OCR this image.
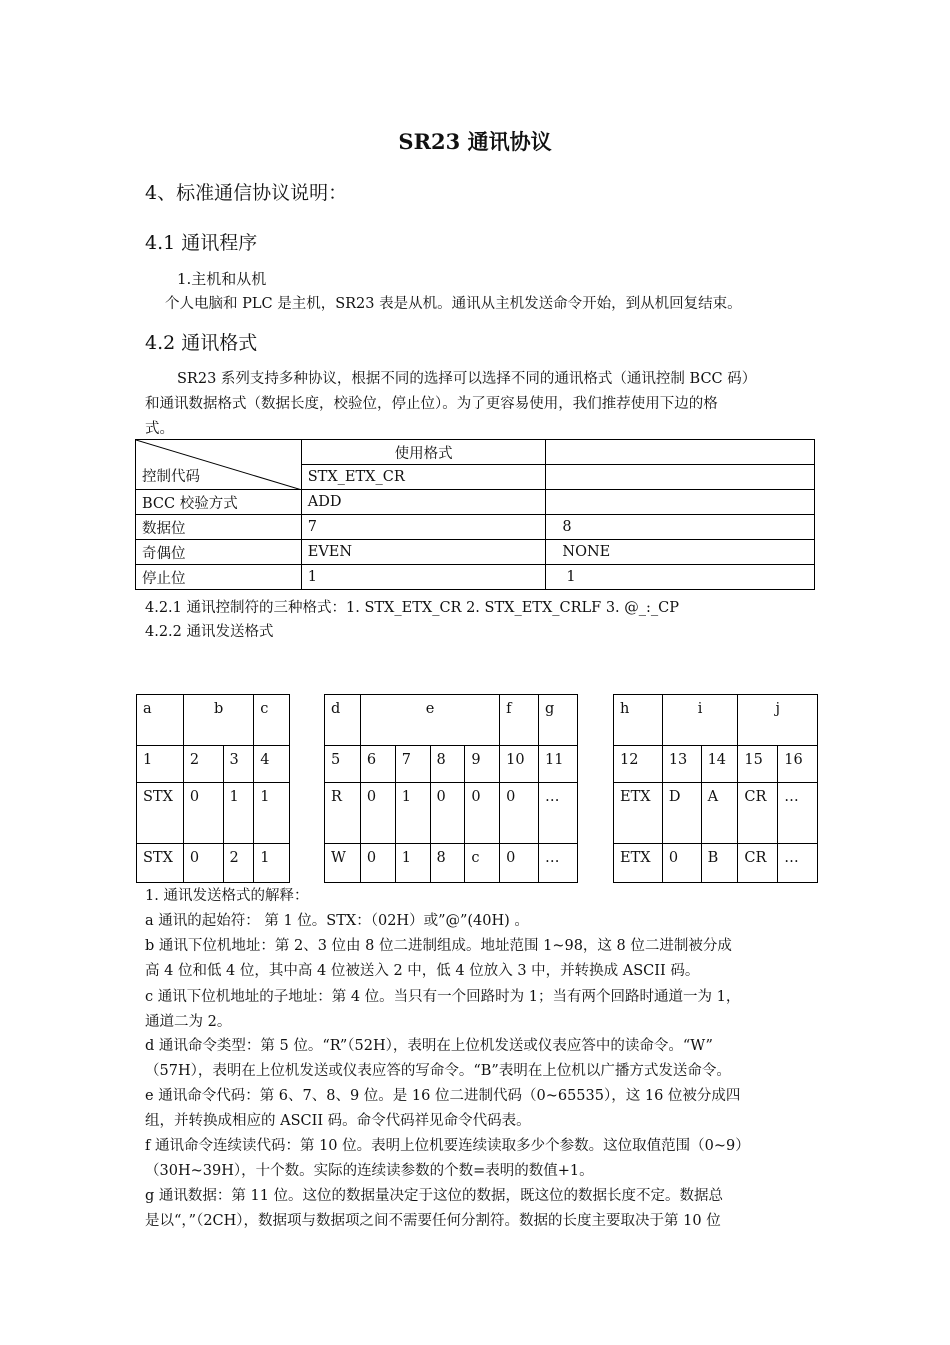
SR23 通讯协议
4、标准通信协议说明：
4.1 通讯程序
1.主机和从机
个人电脑和 PLC 是主机，SR23 表是从机。通讯从主机发送命令开始，到从机回复结束。
4.2 通讯格式
SR23 系列支持多种协议，根据不同的选择可以选择不同的通讯格式（通讯控制 BCC 码）
和通讯数据格式（数据长度，校验位，停止位）。为了更容易使用，我们推荐使用下边的格
式。
控制代码	使用格式	
	STX_ETX_CR	
BCC 校验方式	ADD	
数据位	7	8
奇偶位	EVEN	NONE
停止位	1	1
4.2.1 通讯控制符的三种格式：1. STX_ETX_CR 2. STX_ETX_CRLF 3. @_:_CP
4.2.2 通讯发送格式
a	b		c
1	2	3	4
STX	0	1	1
STX	0	2	1
d	e				f	g
5	6	7	8	9	10	11
R	0	1	0	0	0	…
W	0	1	8	c	0	…
h	i		j	
12	13	14	15	16
ETX	D	A	CR	…
ETX	0	B	CR	…
1. 通讯发送格式的解释：
a 通讯的起始符： 第 1 位。STX：（02H）或”@”(40H) 。
b 通讯下位机地址：第 2、3 位由 8 位二进制组成。地址范围 1~98，这 8 位二进制被分成
高 4 位和低 4 位，其中高 4 位被送入 2 中，低 4 位放入 3 中，并转换成 ASCII 码。
c 通讯下位机地址的子地址：第 4 位。当只有一个回路时为 1；当有两个回路时通道一为 1，
通道二为 2。
d 通讯命令类型：第 5 位。“R”（52H），表明在上位机发送或仪表应答中的读命令。“W”
（57H），表明在上位机发送或仪表应答的写命令。“B”表明在上位机以广播方式发送命令。
e 通讯命令代码：第 6、7、8、9 位。是 16 位二进制代码（0~65535），这 16 位被分成四
组，并转换成相应的 ASCII 码。命令代码祥见命令代码表。
f 通讯命令连续读代码：第 10 位。表明上位机要连续读取多少个参数。这位取值范围（0~9）
（30H~39H），十个数。实际的连续读参数的个数=表明的数值+1。
g 通讯数据：第 11 位。这位的数据量决定于这位的数据，既这位的数据长度不定。数据总
是以“，”（2CH），数据项与数据项之间不需要任何分割符。数据的长度主要取决于第 10 位
